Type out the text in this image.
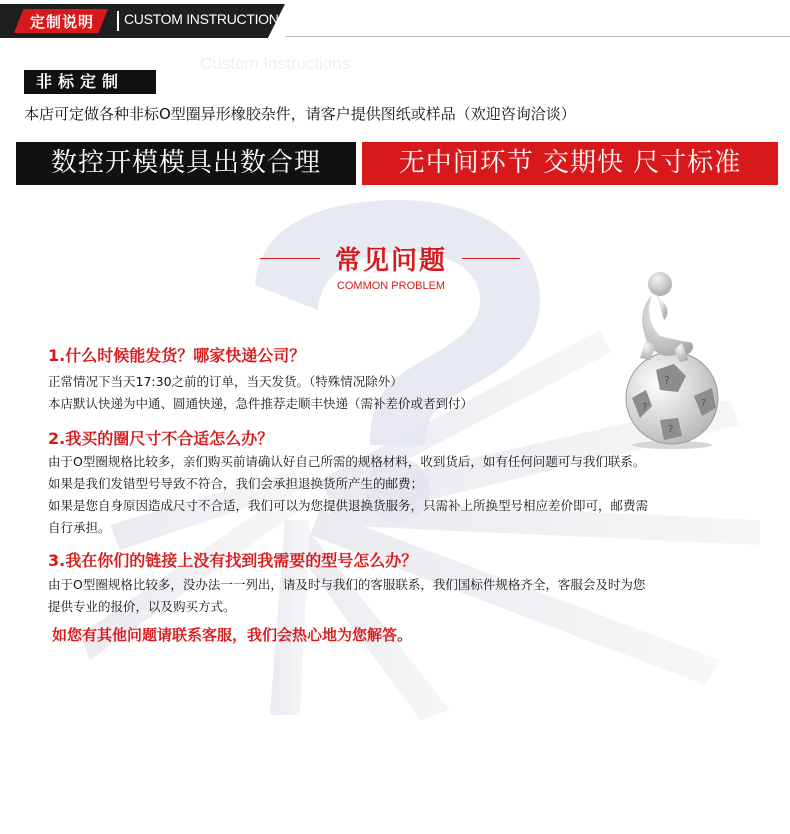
定制说明 CUSTOM INSTRUCTIONS
Custom Instructions
非标定制
本店可定做各种非标O型圈异形橡胶杂件，请客户提供图纸或样品（欢迎咨询洽谈）
数控开模模具出数合理	无中间环节 交期快 尺寸标准
常见问题
COMMON PROBLEM
?
?	?
?
1.什么时候能发货？哪家快递公司？
正常情况下当天17:30之前的订单，当天发货。（特殊情况除外）
本店默认快递为中通、圆通快递，急件推荐走顺丰快递（需补差价或者到付）
2.我买的圈尺寸不合适怎么办？
由于O型圈规格比较多，亲们购买前请确认好自己所需的规格材料，收到货后，如有任何问题可与我们联系。
如果是我们发错型号导致不符合，我们会承担退换货所产生的邮费；
如果是您自身原因造成尺寸不合适，我们可以为您提供退换货服务，只需补上所换型号相应差价即可，邮费需
自行承担。
3.我在你们的链接上没有找到我需要的型号怎么办？
由于O型圈规格比较多，没办法一一列出，请及时与我们的客服联系，我们国标件规格齐全，客服会及时为您
提供专业的报价，以及购买方式。
如您有其他问题请联系客服，我们会热心地为您解答。
